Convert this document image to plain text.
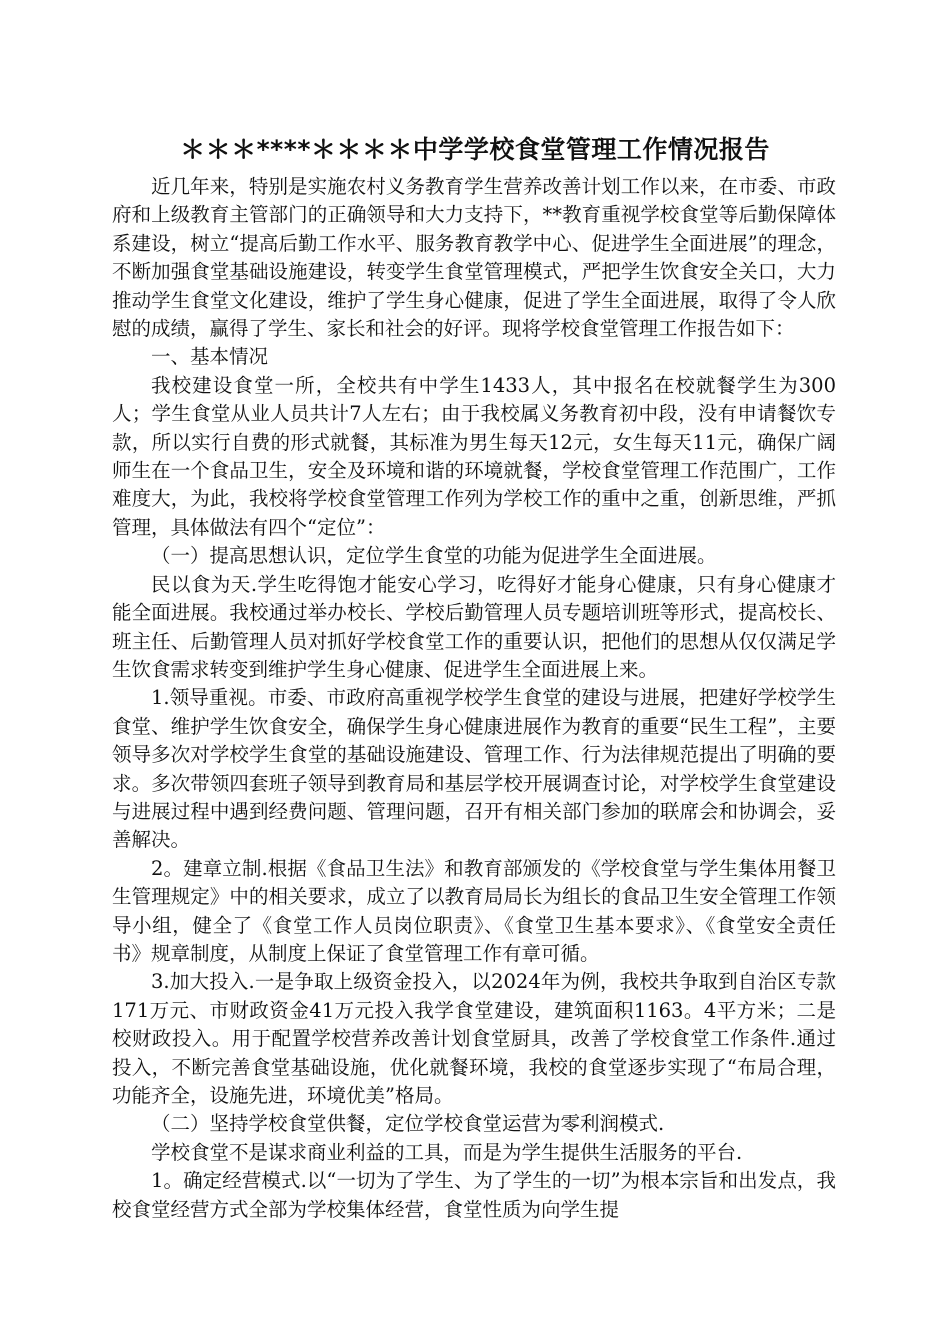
＊＊＊****＊＊＊＊中学学校食堂管理工作情况报告

近几年来，特别是实施农村义务教育学生营养改善计划工作以来，在市委、市政府和上级教育主管部门的正确领导和大力支持下，**教育重视学校食堂等后勤保障体系建设，树立“提高后勤工作水平、服务教育教学中心、促进学生全面进展”的理念，不断加强食堂基础设施建设，转变学生食堂管理模式，严把学生饮食安全关口，大力推动学生食堂文化建设，维护了学生身心健康，促进了学生全面进展，取得了令人欣慰的成绩，赢得了学生、家长和社会的好评。现将学校食堂管理工作报告如下：

一、基本情况

我校建设食堂一所，全校共有中学生1433人，其中报名在校就餐学生为300人；学生食堂从业人员共计7人左右；由于我校属义务教育初中段，没有申请餐饮专款，所以实行自费的形式就餐，其标准为男生每天12元，女生每天11元，确保广阔师生在一个食品卫生，安全及环境和谐的环境就餐，学校食堂管理工作范围广，工作难度大，为此，我校将学校食堂管理工作列为学校工作的重中之重，创新思维，严抓管理，具体做法有四个“定位”：

（一）提高思想认识，定位学生食堂的功能为促进学生全面进展。

民以食为天.学生吃得饱才能安心学习，吃得好才能身心健康，只有身心健康才能全面进展。我校通过举办校长、学校后勤管理人员专题培训班等形式，提高校长、班主任、后勤管理人员对抓好学校食堂工作的重要认识，把他们的思想从仅仅满足学生饮食需求转变到维护学生身心健康、促进学生全面进展上来。

1.领导重视。市委、市政府高重视学校学生食堂的建设与进展，把建好学校学生食堂、维护学生饮食安全，确保学生身心健康进展作为教育的重要“民生工程”，主要领导多次对学校学生食堂的基础设施建设、管理工作、行为法律规范提出了明确的要求。多次带领四套班子领导到教育局和基层学校开展调查讨论，对学校学生食堂建设与进展过程中遇到经费问题、管理问题，召开有相关部门参加的联席会和协调会，妥善解决。

2。建章立制.根据《食品卫生法》和教育部颁发的《学校食堂与学生集体用餐卫生管理规定》中的相关要求，成立了以教育局局长为组长的食品卫生安全管理工作领导小组，健全了《食堂工作人员岗位职责》、《食堂卫生基本要求》、《食堂安全责任书》规章制度，从制度上保证了食堂管理工作有章可循。

3.加大投入.一是争取上级资金投入，以2024年为例，我校共争取到自治区专款171万元、市财政资金41万元投入我学食堂建设，建筑面积1163。4平方米；二是校财政投入。用于配置学校营养改善计划食堂厨具，改善了学校食堂工作条件.通过投入，不断完善食堂基础设施，优化就餐环境，我校的食堂逐步实现了“布局合理，功能齐全，设施先进，环境优美”格局。

（二）坚持学校食堂供餐，定位学校食堂运营为零利润模式.

学校食堂不是谋求商业利益的工具，而是为学生提供生活服务的平台.

1。确定经营模式.以“一切为了学生、为了学生的一切”为根本宗旨和出发点，我校食堂经营方式全部为学校集体经营，食堂性质为向学生提
